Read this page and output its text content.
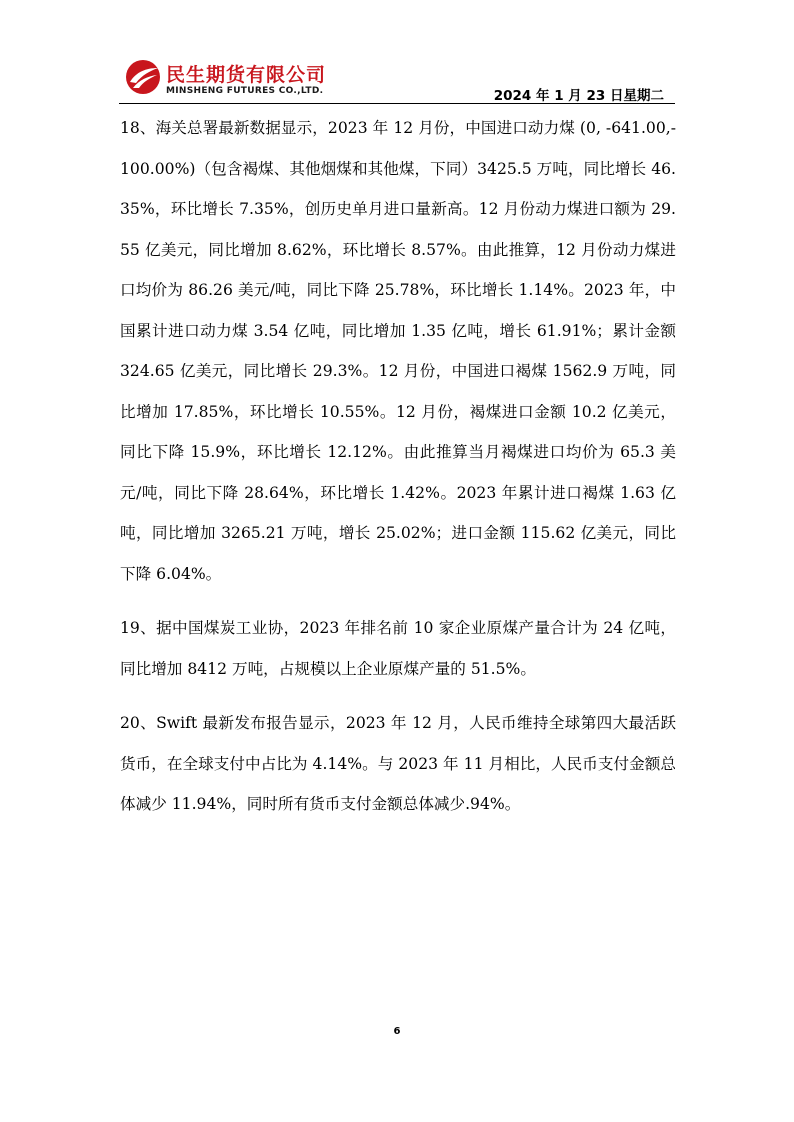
民生期货有限公司
MINSHENG FUTURES CO.,LTD.	2024 年 1 月 23 日星期二

18、海关总署最新数据显示，2023 年 12 月份，中国进口动力煤 (0, -641.00,-100.00%)（包含褐煤、其他烟煤和其他煤，下同）3425.5 万吨，同比增长 46.35%，环比增长 7.35%，创历史单月进口量新高。12 月份动力煤进口额为 29.55 亿美元，同比增加 8.62%，环比增长 8.57%。由此推算，12 月份动力煤进口均价为 86.26 美元/吨，同比下降 25.78%，环比增长 1.14%。2023 年，中国累计进口动力煤 3.54 亿吨，同比增加 1.35 亿吨，增长 61.91%；累计金额 324.65 亿美元，同比增长 29.3%。12 月份，中国进口褐煤 1562.9 万吨，同比增加 17.85%，环比增长 10.55%。12 月份，褐煤进口金额 10.2 亿美元，同比下降 15.9%，环比增长 12.12%。由此推算当月褐煤进口均价为 65.3 美元/吨，同比下降 28.64%，环比增长 1.42%。2023 年累计进口褐煤 1.63 亿吨，同比增加 3265.21 万吨，增长 25.02%；进口金额 115.62 亿美元，同比下降 6.04%。

19、据中国煤炭工业协，2023 年排名前 10 家企业原煤产量合计为 24 亿吨，同比增加 8412 万吨，占规模以上企业原煤产量的 51.5%。

20、Swift 最新发布报告显示，2023 年 12 月，人民币维持全球第四大最活跃货币，在全球支付中占比为 4.14%。与 2023 年 11 月相比，人民币支付金额总体减少 11.94%，同时所有货币支付金额总体减少.94%。

6
